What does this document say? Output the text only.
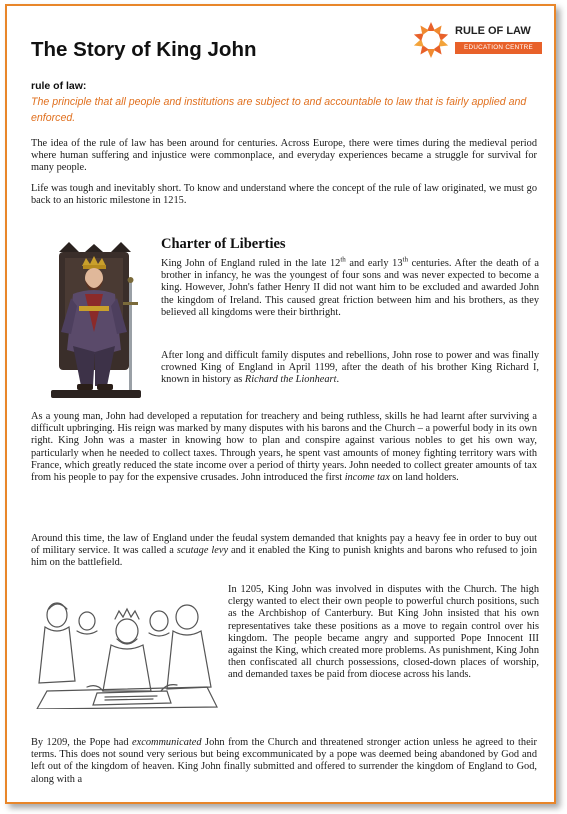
The Story of King John
RULE OF LAW
EDUCATION CENTRE
rule of law:
The principle that all people and institutions are subject to and accountable to law that is fairly applied and enforced.

The idea of the rule of law has been around for centuries. Across Europe, there were times during the medieval period where human suffering and injustice were commonplace, and everyday experiences became a struggle for survival for many people.

Life was tough and inevitably short. To know and understand where the concept of the rule of law originated, we must go back to an historic milestone in 1215.

Charter of Liberties

King John of England ruled in the late 12th and early 13th centuries. After the death of a brother in infancy, he was the youngest of four sons and was never expected to become a king. However, John's father Henry II did not want him to be excluded and awarded John the kingdom of Ireland. This caused great friction between him and his brothers, as they believed all kingdoms were their birthright.

After long and difficult family disputes and rebellions, John rose to power and was finally crowned King of England in April 1199, after the death of his brother King Richard I, known in history as Richard the Lionheart.

As a young man, John had developed a reputation for treachery and being ruthless, skills he had learnt after surviving a difficult upbringing. His reign was marked by many disputes with his barons and the Church – a powerful body in its own right. King John was a master in knowing how to plan and conspire against various nobles to get his own way, particularly when he needed to collect taxes. Through years, he spent vast amounts of money fighting territory wars with France, which greatly reduced the state income over a period of thirty years. John needed to collect greater amounts of tax from his people to pay for the expensive crusades. John introduced the first income tax on land holders.

Around this time, the law of England under the feudal system demanded that knights pay a heavy fee in order to buy out of military service. It was called a scutage levy and it enabled the King to punish knights and barons who refused to join him on the battlefield.

In 1205, King John was involved in disputes with the Church. The high clergy wanted to elect their own people to powerful church positions, such as the Archbishop of Canterbury. But King John insisted that his own representatives take these positions as a move to regain control over his kingdom. The people became angry and supported Pope Innocent III against the King, which created more problems. As punishment, King John then confiscated all church possessions, closed-down places of worship, and demanded taxes be paid from diocese across his lands.

By 1209, the Pope had excommunicated John from the Church and threatened stronger action unless he agreed to their terms. This does not sound very serious but being excommunicated by a pope was deemed being abandoned by God and left out of the kingdom of heaven. King John finally submitted and offered to surrender the kingdom of England to God, along with a
